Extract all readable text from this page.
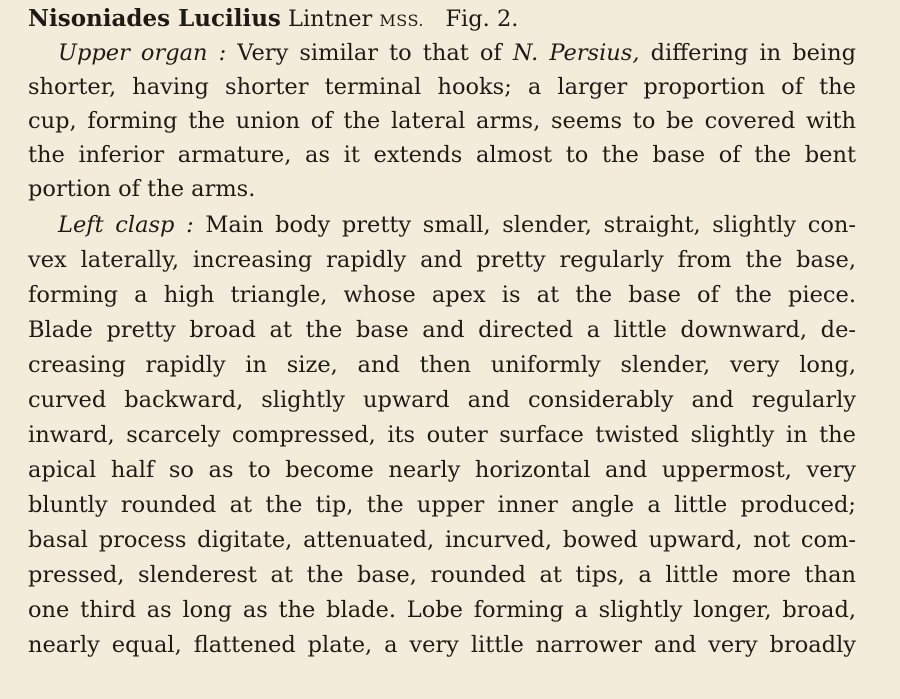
Nisoniades Lucilius Lintner MSS. Fig. 2.
Upper organ : Very similar to that of N. Persius, differing in being
shorter, having shorter terminal hooks; a larger proportion of the
cup, forming the union of the lateral arms, seems to be covered with
the inferior armature, as it extends almost to the base of the bent
portion of the arms.
Left clasp : Main body pretty small, slender, straight, slightly con-
vex laterally, increasing rapidly and pretty regularly from the base,
forming a high triangle, whose apex is at the base of the piece.
Blade pretty broad at the base and directed a little downward, de-
creasing rapidly in size, and then uniformly slender, very long,
curved backward, slightly upward and considerably and regularly
inward, scarcely compressed, its outer surface twisted slightly in the
apical half so as to become nearly horizontal and uppermost, very
bluntly rounded at the tip, the upper inner angle a little produced;
basal process digitate, attenuated, incurved, bowed upward, not com-
pressed, slenderest at the base, rounded at tips, a little more than
one third as long as the blade. Lobe forming a slightly longer, broad,
nearly equal, flattened plate, a very little narrower and very broadly
